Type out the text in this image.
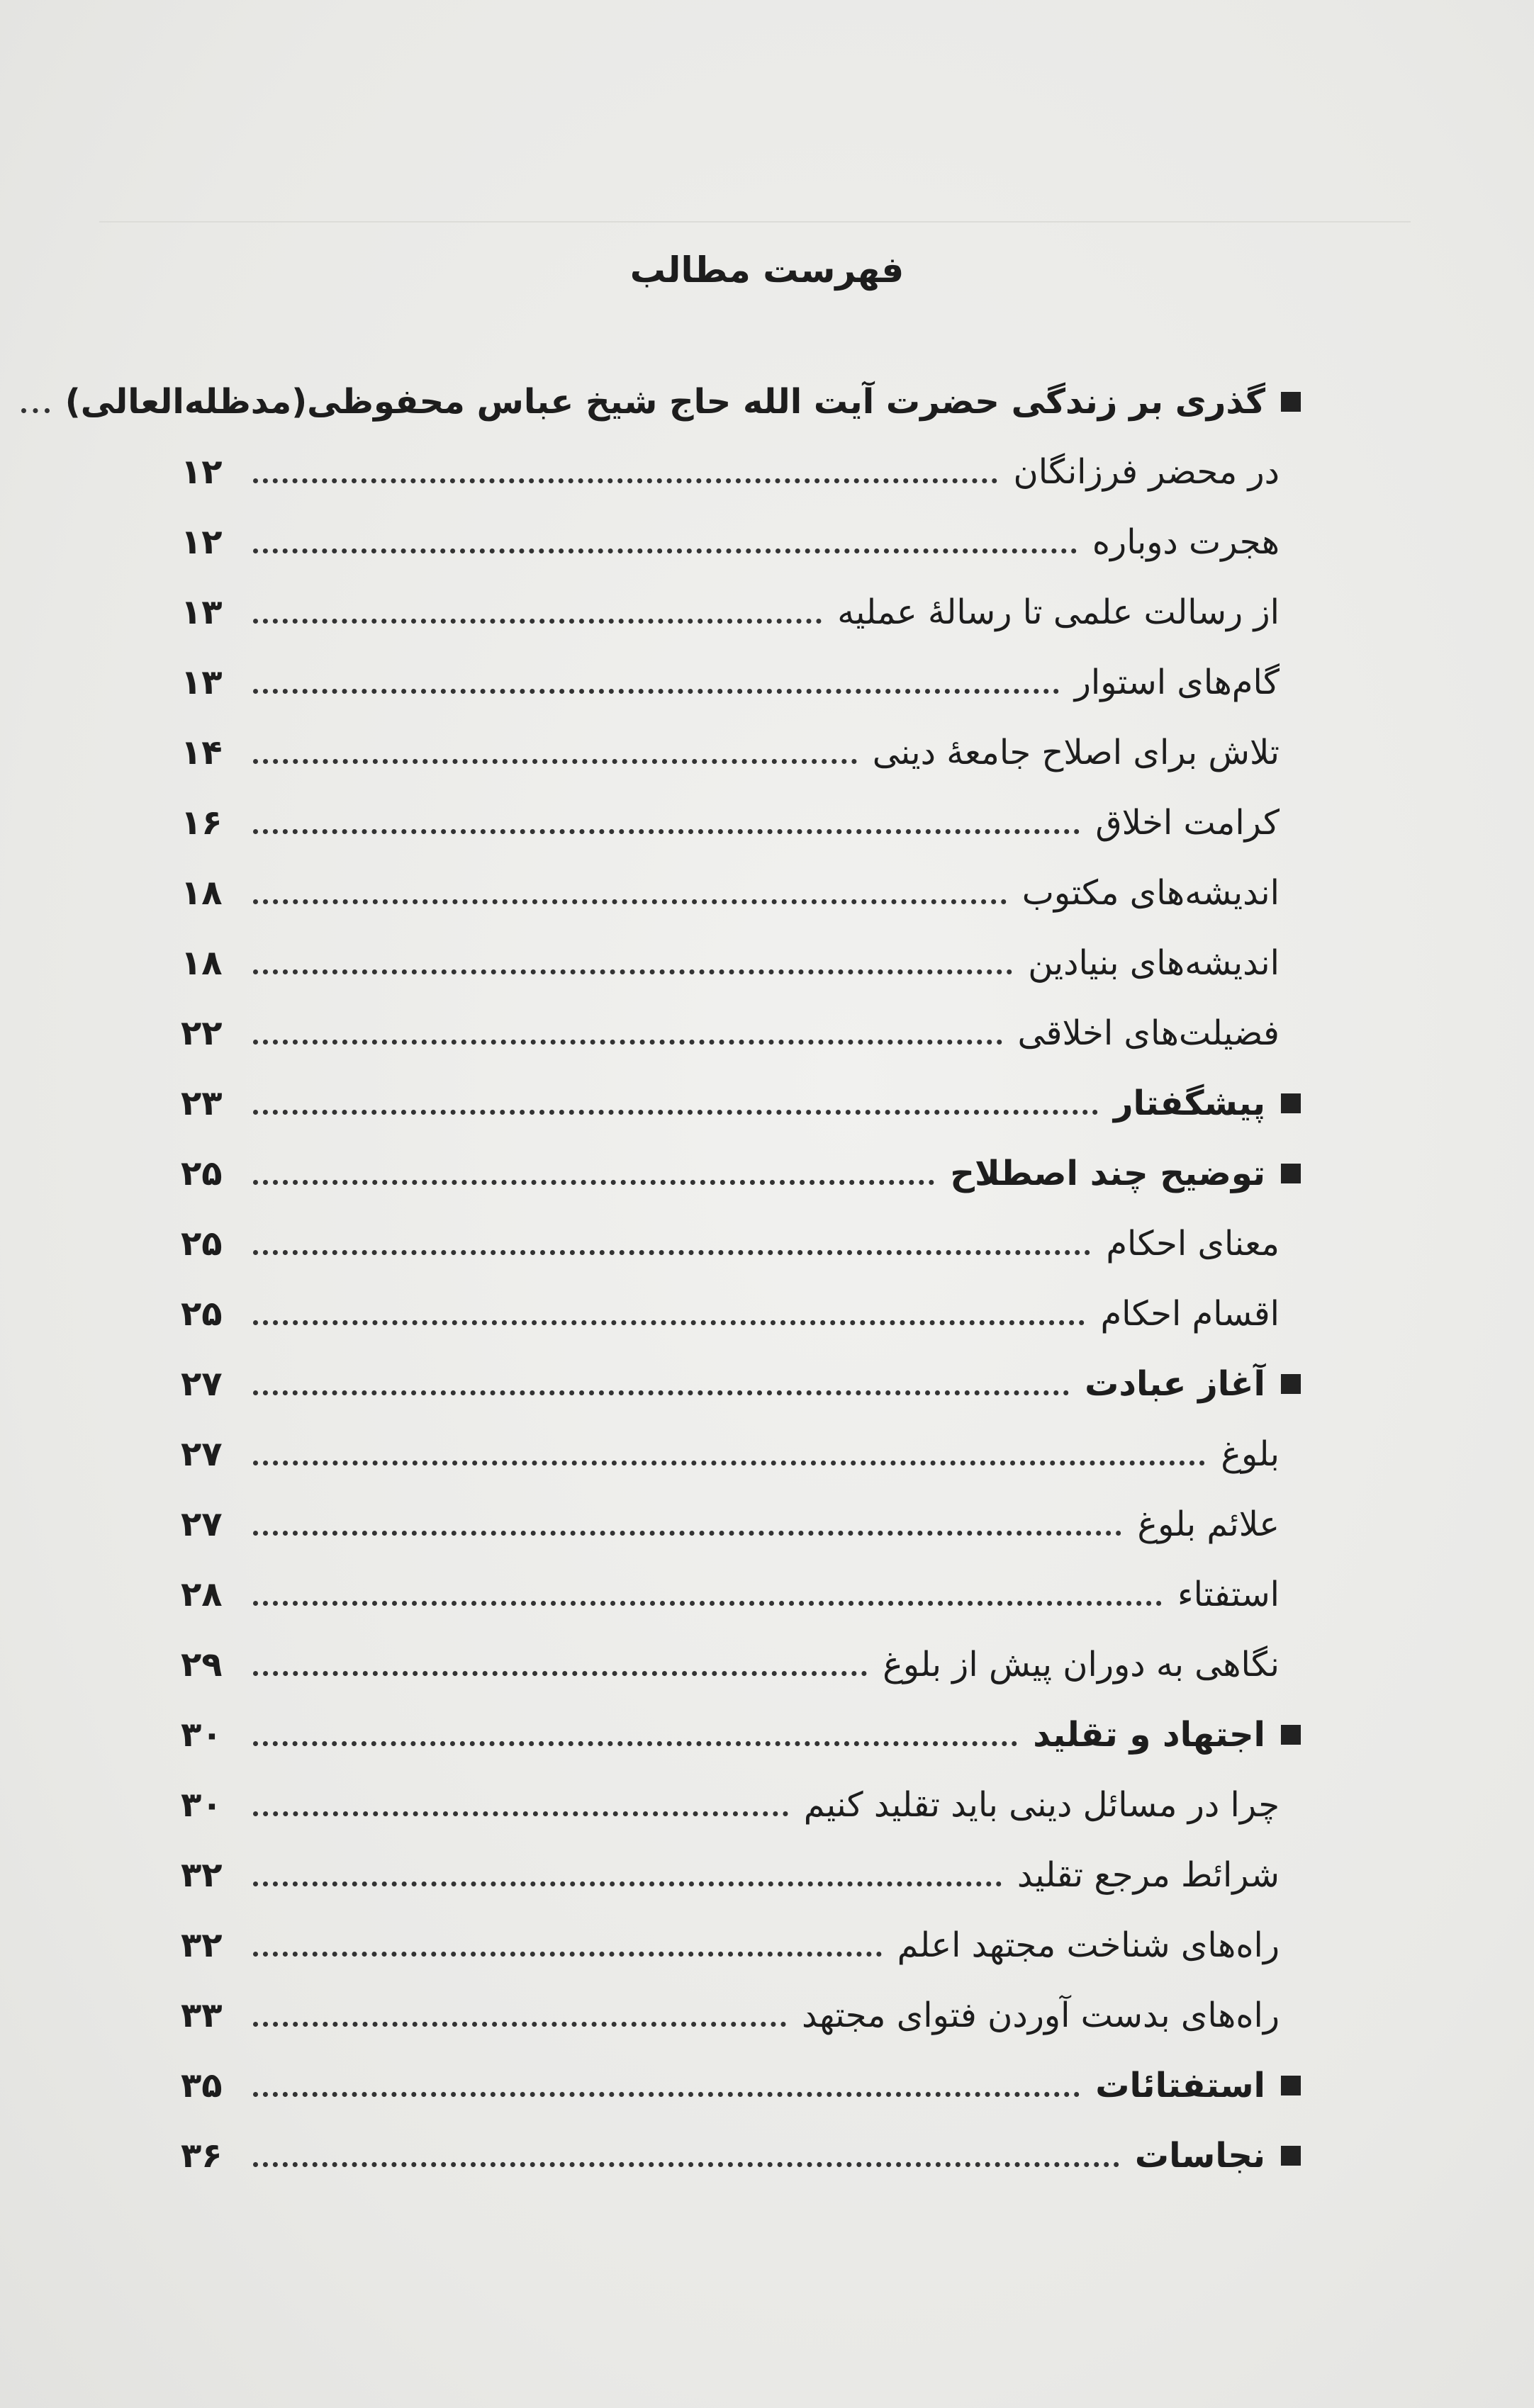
فهرست مطالب
گذری بر زندگی حضرت آیت الله حاج شیخ عباس محفوظی(مدظله‌العالی)
در محضر فرزانگان
۱۲
هجرت دوباره
۱۲
از رسالت علمی تا رسالهٔ عملیه
۱۳
گام‌های استوار
۱۳
تلاش برای اصلاح جامعهٔ دینی
۱۴
کرامت اخلاق
۱۶
اندیشه‌های مکتوب
۱۸
اندیشه‌های بنیادین
۱۸
فضیلت‌های اخلاقی
۲۲
پیشگفتار
۲۳
توضیح چند اصطلاح
۲۵
معنای احکام
۲۵
اقسام احکام
۲۵
آغاز عبادت
۲۷
بلوغ
۲۷
علائم بلوغ
۲۷
استفتاء
۲۸
نگاهی به دوران پیش از بلوغ
۲۹
اجتهاد و تقلید
۳۰
چرا در مسائل دینی باید تقلید کنیم
۳۰
شرائط مرجع تقلید
۳۲
راه‌های شناخت مجتهد اعلم
۳۲
راه‌های بدست آوردن فتوای مجتهد
۳۳
استفتائات
۳۵
نجاسات
۳۶
